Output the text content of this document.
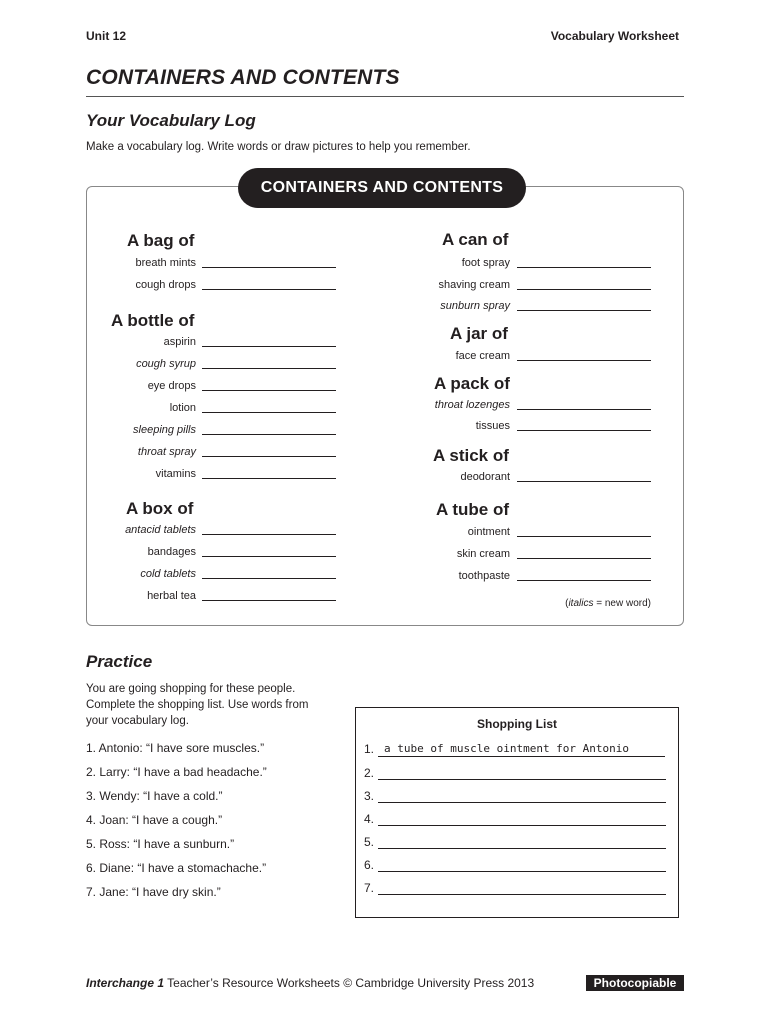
Unit 12	Vocabulary Worksheet
CONTAINERS AND CONTENTS
Your Vocabulary Log
Make a vocabulary log. Write words or draw pictures to help you remember.
CONTAINERS AND CONTENTS
A bag of
breath mints
cough drops
A bottle of
aspirin
cough syrup
eye drops
lotion
sleeping pills
throat spray
vitamins
A box of
antacid tablets
bandages
cold tablets
herbal tea
A can of
foot spray
shaving cream
sunburn spray
A jar of
face cream
A pack of
throat lozenges
tissues
A stick of
deodorant
A tube of
ointment
skin cream
toothpaste
(italics = new word)
Practice
You are going shopping for these people.
Complete the shopping list. Use words from
your vocabulary log.
1. Antonio: “I have sore muscles.”
2. Larry: “I have a bad headache.”
3. Wendy: “I have a cold.”
4. Joan: “I have a cough.”
5. Ross: “I have a sunburn.”
6. Diane: “I have a stomachache.”
7. Jane: “I have dry skin.”
Shopping List
1. a tube of muscle ointment for Antonio
2.
3.
4.
5.
6.
7.
Interchange 1 Teacher’s Resource Worksheets © Cambridge University Press 2013	Photocopiable
